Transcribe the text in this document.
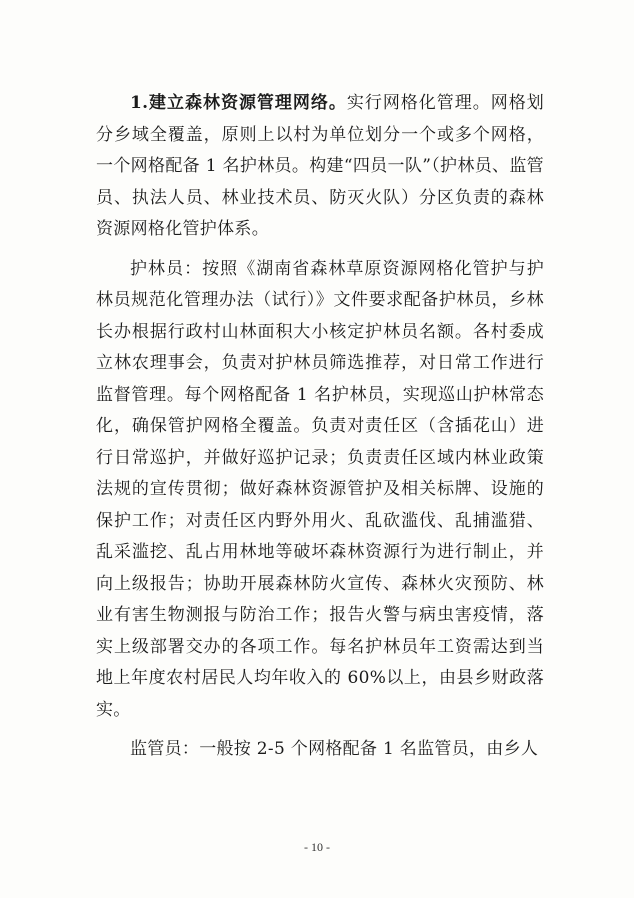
1.建立森林资源管理网络。实行网格化管理。网格划分乡域全覆盖，原则上以村为单位划分一个或多个网格，一个网格配备 1 名护林员。构建“四员一队”（护林员、监管员、执法人员、林业技术员、防灭火队）分区负责的森林资源网格化管护体系。

护林员：按照《湖南省森林草原资源网格化管护与护林员规范化管理办法（试行）》文件要求配备护林员，乡林长办根据行政村山林面积大小核定护林员名额。各村委成立林农理事会，负责对护林员筛选推荐，对日常工作进行监督管理。每个网格配备 1 名护林员，实现巡山护林常态化，确保管护网格全覆盖。负责对责任区（含插花山）进行日常巡护，并做好巡护记录；负责责任区域内林业政策法规的宣传贯彻；做好森林资源管护及相关标牌、设施的保护工作；对责任区内野外用火、乱砍滥伐、乱捕滥猎、乱采滥挖、乱占用林地等破坏森林资源行为进行制止，并向上级报告；协助开展森林防火宣传、森林火灾预防、林业有害生物测报与防治工作；报告火警与病虫害疫情，落实上级部署交办的各项工作。每名护林员年工资需达到当地上年度农村居民人均年收入的 60%以上，由县乡财政落实。

监管员：一般按 2-5 个网格配备 1 名监管员，由乡人

- 10 -
